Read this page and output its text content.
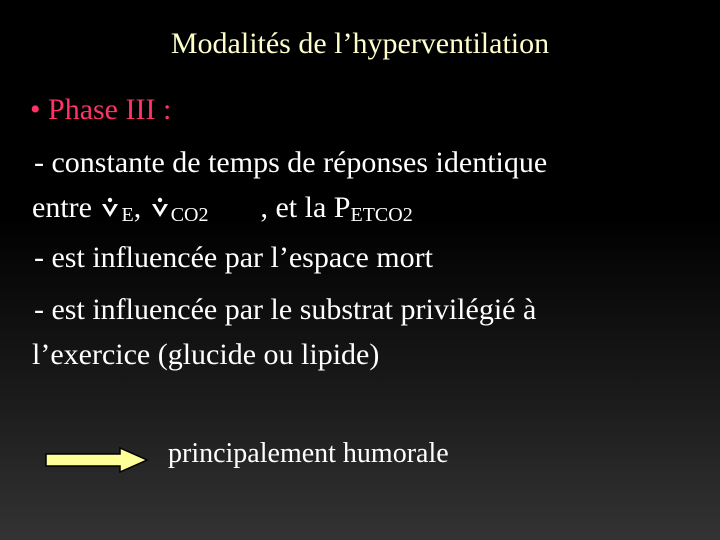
Modalités de l’hyperventilation
• Phase III :
- constante de temps de réponses identique
entre
$_E$,
$_{CO2}$ , et la $P_{ETCO2}$
- est influencée par l’espace mort
- est influencée par le substrat privilégié à
l’exercice (glucide ou lipide)
principalement humorale
